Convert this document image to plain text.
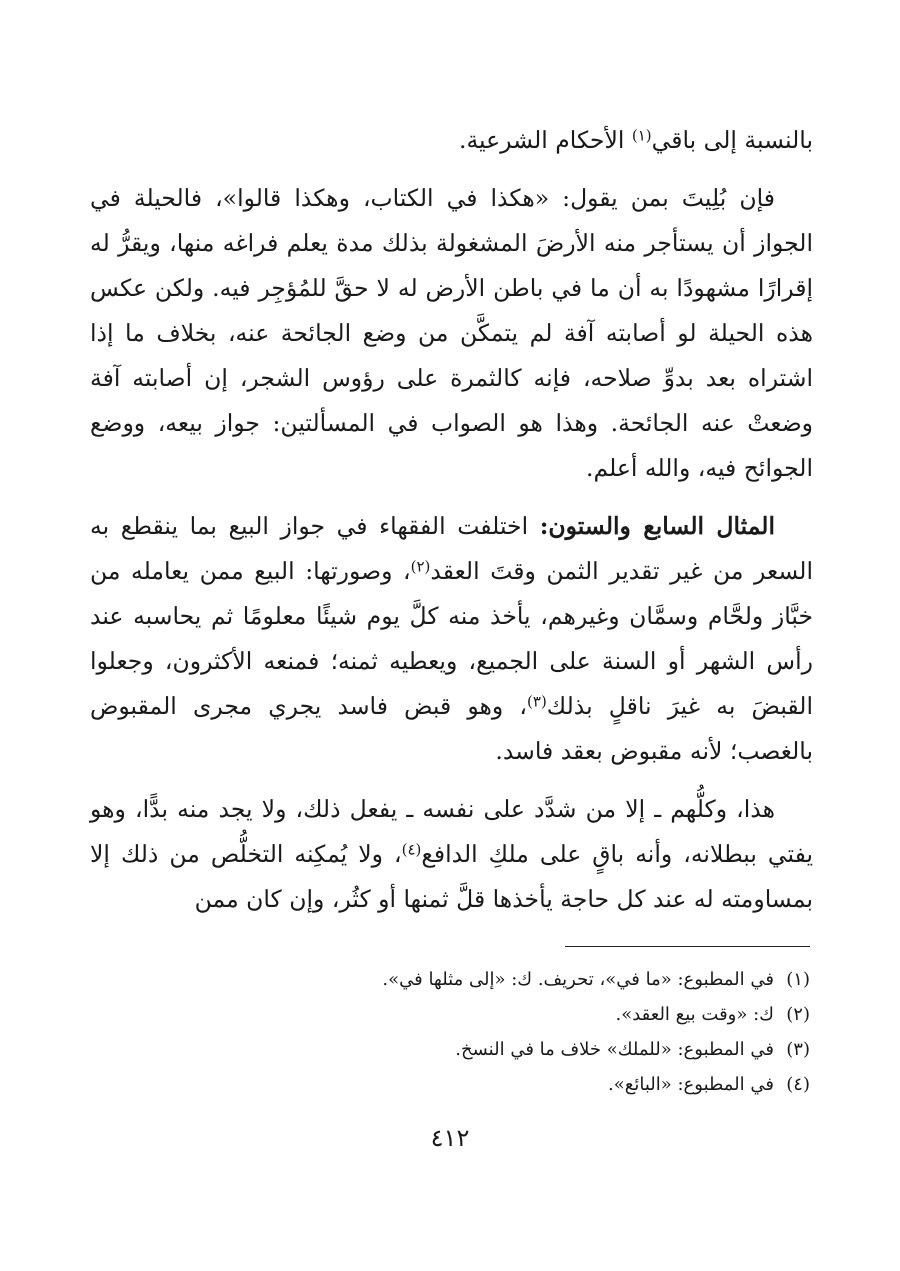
بالنسبة إلى باقي$^{(١)}$ الأحكام الشرعية.

فإن بُلِيتَ بمن يقول: «هكذا في الكتاب، وهكذا قالوا»، فالحيلة في الجواز أن يستأجر منه الأرضَ المشغولة بذلك مدة يعلم فراغه منها، ويقرُّ له إقرارًا مشهودًا به أن ما في باطن الأرض له لا حقَّ للمُؤجِر فيه. ولكن عكس هذه الحيلة لو أصابته آفة لم يتمكَّن من وضع الجائحة عنه، بخلاف ما إذا اشتراه بعد بدوِّ صلاحه، فإنه كالثمرة على رؤوس الشجر، إن أصابته آفة وضعتْ عنه الجائحة. وهذا هو الصواب في المسألتين: جواز بيعه، ووضع الجوائح فيه، والله أعلم.

المثال السابع والستون: اختلفت الفقهاء في جواز البيع بما ينقطع به السعر من غير تقدير الثمن وقتَ العقد$^{(٢)}$، وصورتها: البيع ممن يعامله من خبَّاز ولحَّام وسمَّان وغيرهم، يأخذ منه كلَّ يوم شيئًا معلومًا ثم يحاسبه عند رأس الشهر أو السنة على الجميع، ويعطيه ثمنه؛ فمنعه الأكثرون، وجعلوا القبضَ به غيرَ ناقلٍ بذلك$^{(٣)}$، وهو قبض فاسد يجري مجرى المقبوض بالغصب؛ لأنه مقبوض بعقد فاسد.

هذا، وكلُّهم ـ إلا من شدَّد على نفسه ـ يفعل ذلك، ولا يجد منه بدًّا، وهو يفتي ببطلانه، وأنه باقٍ على ملكِ الدافع$^{(٤)}$، ولا يُمكِنه التخلُّص من ذلك إلا بمساومته له عند كل حاجة يأخذها قلَّ ثمنها أو كثُر، وإن كان ممن

(١)
في المطبوع: «ما في»، تحريف. ك: «إلى مثلها في».
(٢)
ك: «وقت بيع العقد».
(٣)
في المطبوع: «للملك» خلاف ما في النسخ.
(٤)
في المطبوع: «البائع».
٤١٢
